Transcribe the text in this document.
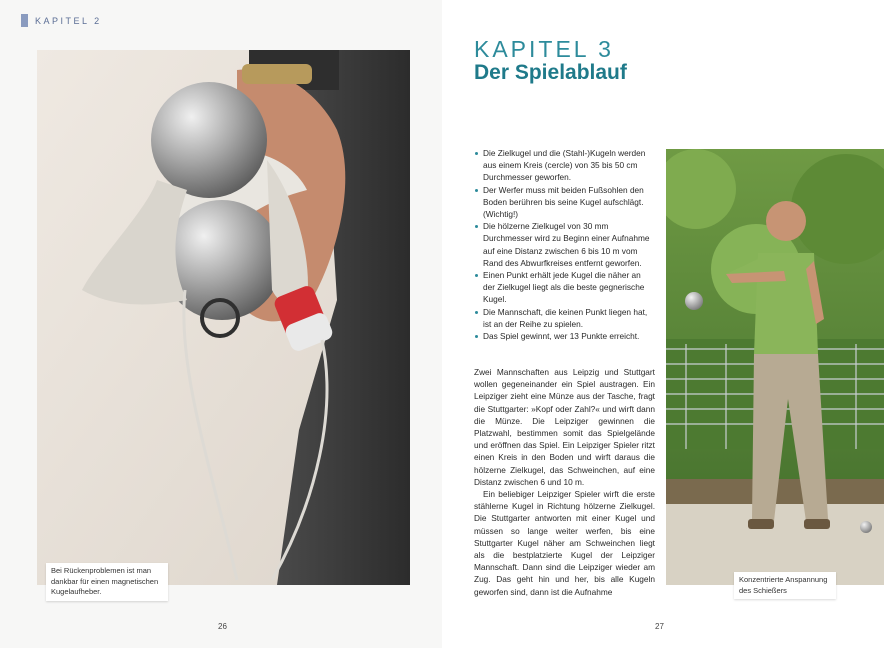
KAPITEL 2
Bei Rückenproblemen ist man dankbar für einen magnetischen Kugelaufheber.
26
KAPITEL 3
Der Spielablauf
Die Zielkugel und die (Stahl-)Kugeln werden aus einem Kreis (cercle) von 35 bis 50 cm Durchmesser geworfen.
Der Werfer muss mit beiden Fußsohlen den Boden berühren bis seine Kugel aufschlägt. (Wichtig!)
Die hölzerne Zielkugel von 30 mm Durchmesser wird zu Beginn einer Aufnahme auf eine Distanz zwischen 6 bis 10 m vom Rand des Abwurfkreises entfernt geworfen.
Einen Punkt erhält jede Kugel die näher an der Zielkugel liegt als die beste gegnerische Kugel.
Die Mannschaft, die keinen Punkt liegen hat, ist an der Reihe zu spielen.
Das Spiel gewinnt, wer 13 Punkte erreicht.

Zwei Mannschaften aus Leipzig und Stuttgart wollen gegeneinander ein Spiel austragen. Ein Leipziger zieht eine Münze aus der Tasche, fragt die Stuttgarter: »Kopf oder Zahl?« und wirft dann die Münze. Die Leipziger gewinnen die Platzwahl, bestimmen somit das Spielgelände und eröffnen das Spiel. Ein Leipziger Spieler ritzt einen Kreis in den Boden und wirft daraus die hölzerne Zielkugel, das Schweinchen, auf eine Distanz zwischen 6 und 10 m.

Ein beliebiger Leipziger Spieler wirft die erste stählerne Kugel in Richtung hölzerne Zielkugel. Die Stuttgarter antworten mit einer Kugel und müssen so lange weiter werfen, bis eine Stuttgarter Kugel näher am Schweinchen liegt als die bestplatzierte Kugel der Leipziger Mannschaft. Dann sind die Leipziger wieder am Zug. Das geht hin und her, bis alle Kugeln geworfen sind, dann ist die Aufnahme

Konzentrierte Anspannung des Schießers
27
